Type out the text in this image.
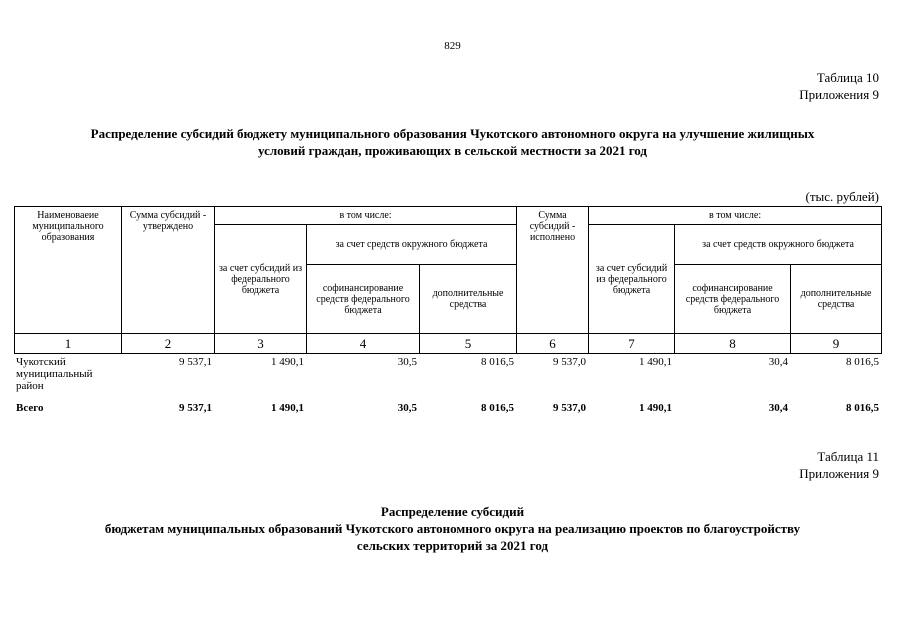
829
Таблица 10
Приложения 9
Распределение субсидий бюджету муниципального образования Чукотского автономного округа на улучшение жилищных
условий граждан, проживающих в сельской местности за 2021 год
(тыс. рублей)
Наименоваеие муниципального образования	Сумма субсидий - утверждено	в том числе:			Сумма субсидий - исполнено	в том числе:		
		за счет субсидий из федерального бюджета	за счет средств окружного бюджета			за счет субсидий из федерального бюджета	за счет средств окружного бюджета	
			софинансирование средств федерального бюджета	дополнительные средства			софинансирование средств федерального бюджета	дополнительные средства
1	2	3	4	5	6	7	8	9
Чукотский муниципальный район	9 537,1	1 490,1	30,5	8 016,5	9 537,0	1 490,1	30,4	8 016,5
Всего	9 537,1	1 490,1	30,5	8 016,5	9 537,0	1 490,1	30,4	8 016,5
Таблица 11
Приложения 9
Распределение субсидий
бюджетам муниципальных образований Чукотского автономного округа на реализацию проектов по благоустройству
сельских территорий за 2021 год
